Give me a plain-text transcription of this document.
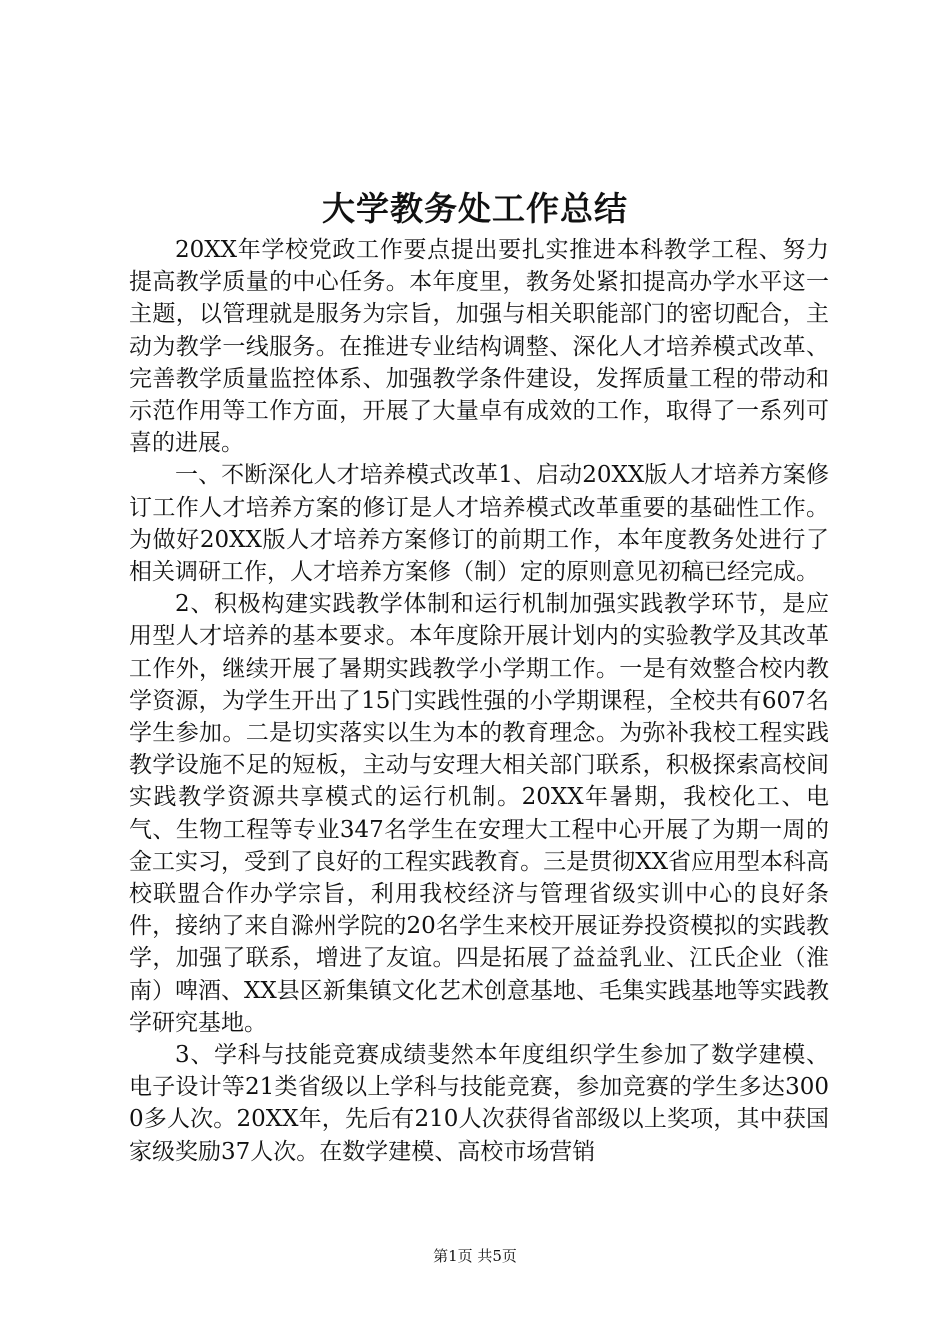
大学教务处工作总结

20XX年学校党政工作要点提出要扎实推进本科教学工程、努力提高教学质量的中心任务。本年度里，教务处紧扣提高办学水平这一主题，以管理就是服务为宗旨，加强与相关职能部门的密切配合，主动为教学一线服务。在推进专业结构调整、深化人才培养模式改革、完善教学质量监控体系、加强教学条件建设，发挥质量工程的带动和示范作用等工作方面，开展了大量卓有成效的工作，取得了一系列可喜的进展。

一、不断深化人才培养模式改革1、启动20XX版人才培养方案修订工作人才培养方案的修订是人才培养模式改革重要的基础性工作。为做好20XX版人才培养方案修订的前期工作，本年度教务处进行了相关调研工作，人才培养方案修（制）定的原则意见初稿已经完成。

2、积极构建实践教学体制和运行机制加强实践教学环节，是应用型人才培养的基本要求。本年度除开展计划内的实验教学及其改革工作外，继续开展了暑期实践教学小学期工作。一是有效整合校内教学资源，为学生开出了15门实践性强的小学期课程，全校共有607名学生参加。二是切实落实以生为本的教育理念。为弥补我校工程实践教学设施不足的短板，主动与安理大相关部门联系，积极探索高校间实践教学资源共享模式的运行机制。20XX年暑期，我校化工、电气、生物工程等专业347名学生在安理大工程中心开展了为期一周的金工实习，受到了良好的工程实践教育。三是贯彻XX省应用型本科高校联盟合作办学宗旨，利用我校经济与管理省级实训中心的良好条件，接纳了来自滁州学院的20名学生来校开展证券投资模拟的实践教学，加强了联系，增进了友谊。四是拓展了益益乳业、江氏企业（淮南）啤酒、XX县区新集镇文化艺术创意基地、毛集实践基地等实践教学研究基地。

3、学科与技能竞赛成绩斐然本年度组织学生参加了数学建模、电子设计等21类省级以上学科与技能竞赛，参加竞赛的学生多达3000多人次。20XX年，先后有210人次获得省部级以上奖项，其中获国家级奖励37人次。在数学建模、高校市场营销

第1页 共5页
